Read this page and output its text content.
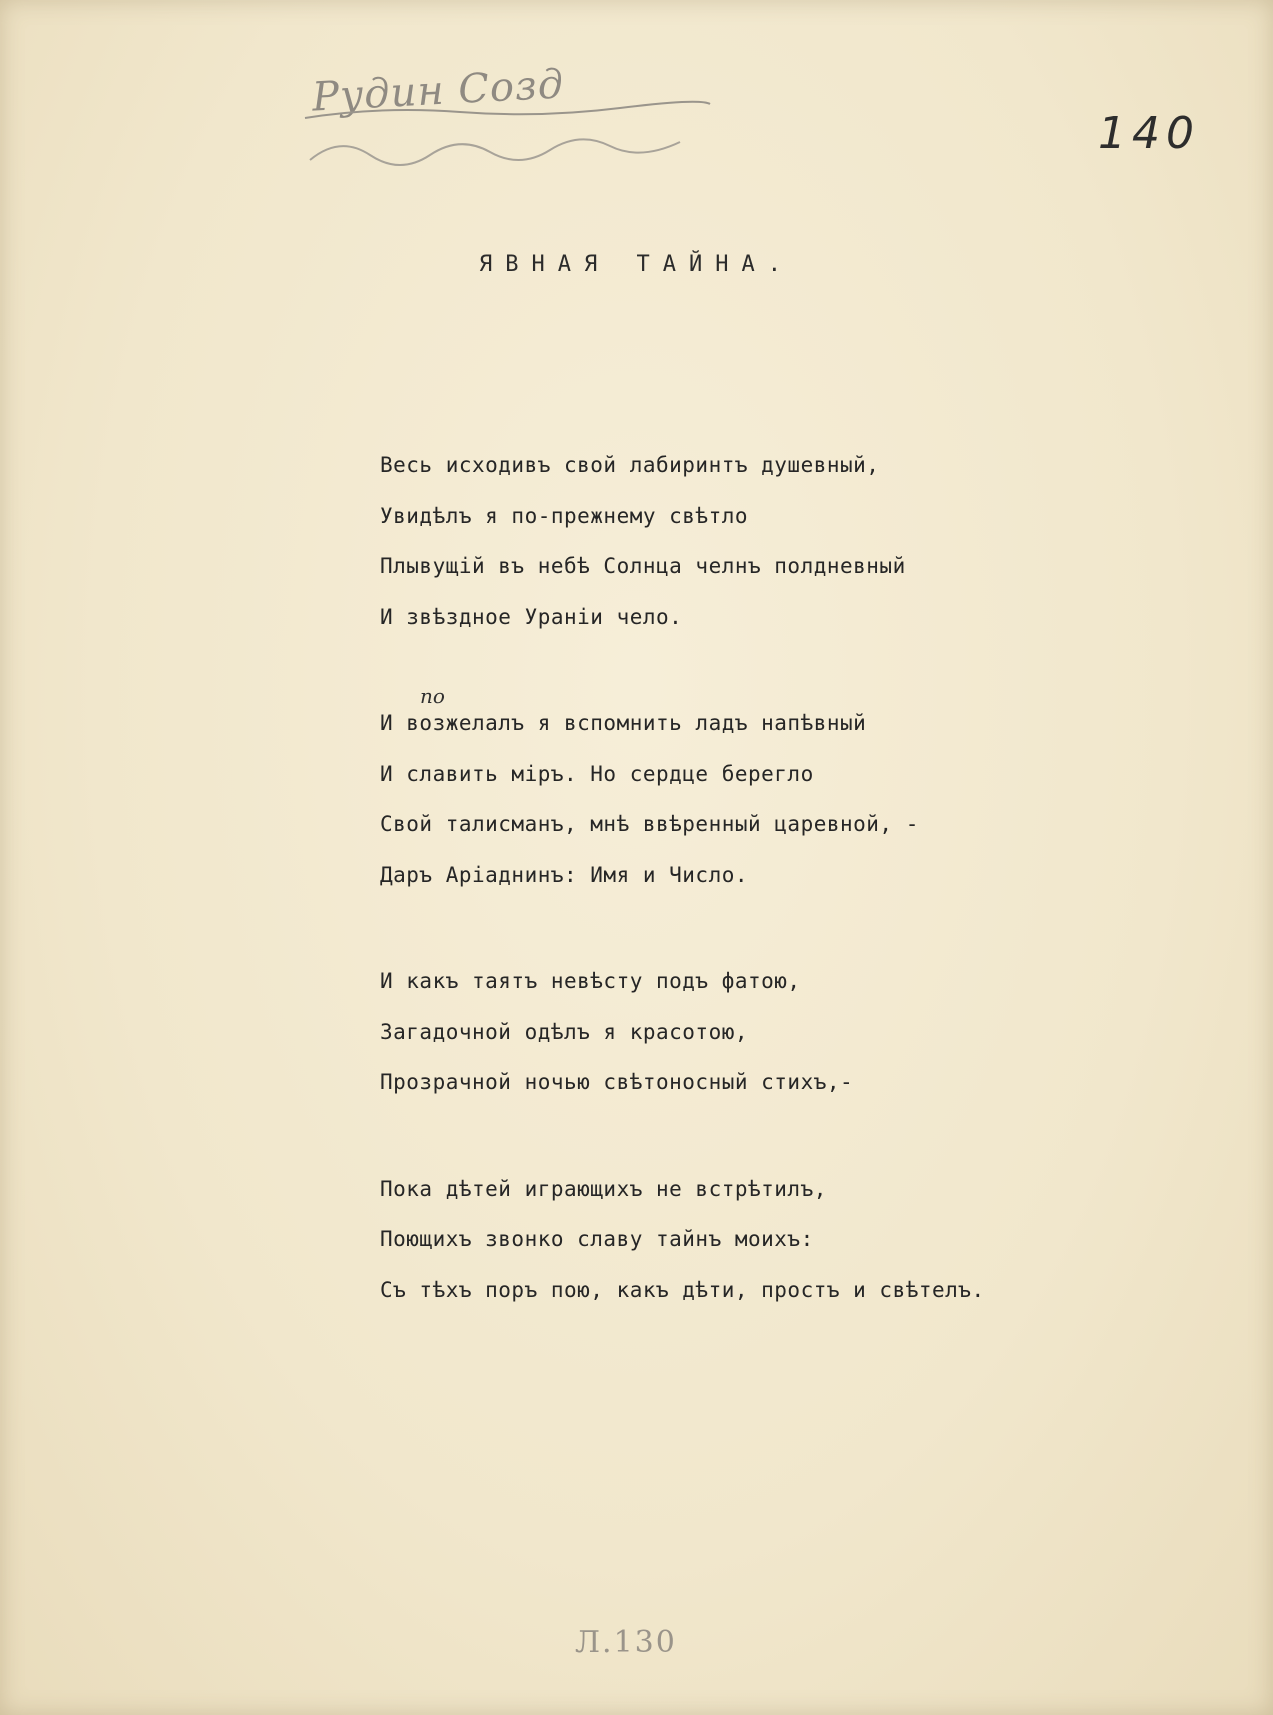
Рудин Созд
140
ЯВНАЯ ТАЙНА.
по
Весь исходивъ свой лабиринтъ душевный,
Увидѣлъ я по-прежнему свѣтло
Плывущій въ небѣ Солнца челнъ полдневный
И звѣздное Ураніи чело.
И возжелалъ я вспомнить ладъ напѣвный
И славить міръ. Но сердце берегло
Свой талисманъ, мнѣ ввѣренный царевной, -
Даръ Аріаднинъ: Имя и Число.
И какъ таятъ невѣсту подъ фатою,
Загадочной одѣлъ я красотою,
Прозрачной ночью свѣтоносный стихъ,-
Пока дѣтей играющихъ не встрѣтилъ,
Поющихъ звонко славу тайнъ моихъ:
Съ тѣхъ поръ пою, какъ дѣти, простъ и свѣтелъ.
Л.130
